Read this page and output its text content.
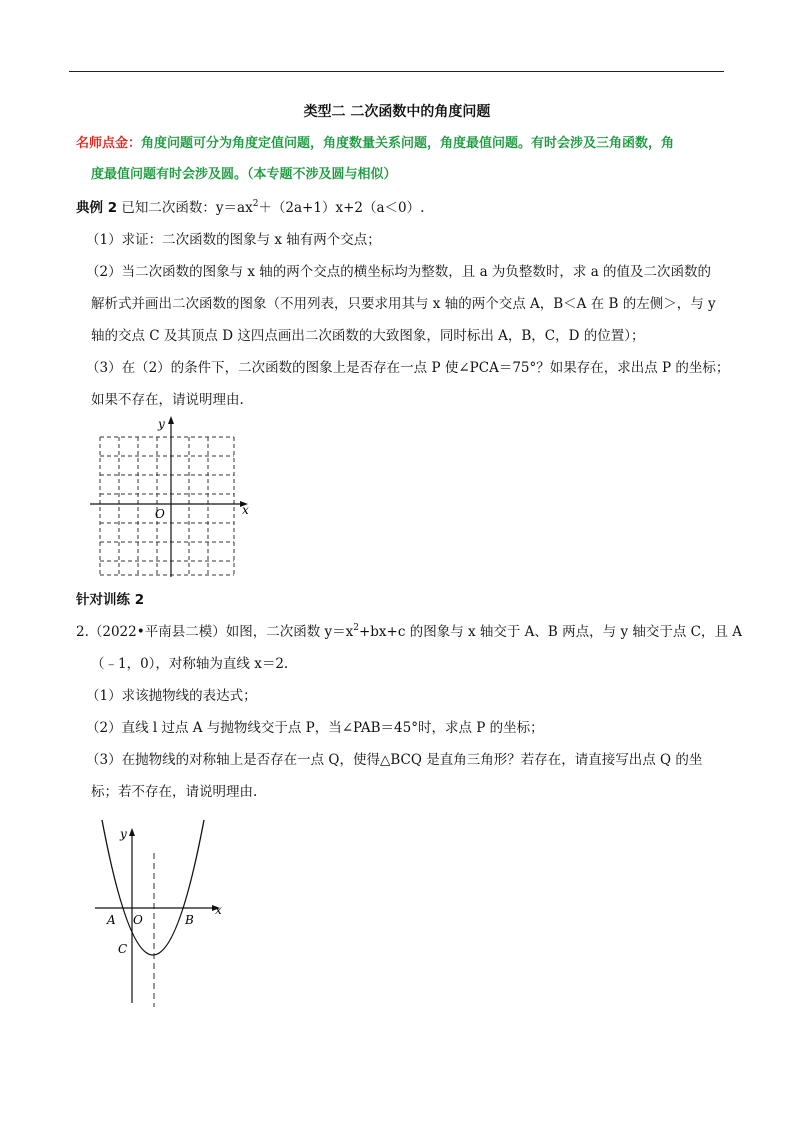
类型二 二次函数中的角度问题
名师点金：角度问题可分为角度定值问题，角度数量关系问题，角度最值问题。有时会涉及三角函数，角
度最值问题有时会涉及圆。（本专题不涉及圆与相似）
典例 2 已知二次函数：$y=ax^2+(2a+1)x+2(a<0)$.
（1）求证：二次函数的图象与 x 轴有两个交点；
（2）当二次函数的图象与 x 轴的两个交点的横坐标均为整数，且 a 为负整数时，求 a 的值及二次函数的
解析式并画出二次函数的图象（不用列表，只要求用其与 x 轴的两个交点 A，B＜A 在 B 的左侧＞，与 y
轴的交点 C 及其顶点 D 这四点画出二次函数的大致图象，同时标出 A，B，C，D 的位置）；
（3）在（2）的条件下，二次函数的图象上是否存在一点 P 使∠PCA＝75°？如果存在，求出点 P 的坐标；
如果不存在，请说明理由.
y
x
O
针对训练 2
2.（2022•平南县二模）如图，二次函数 $y=x^2+bx+c$ 的图象与 x 轴交于 A、B 两点，与 y 轴交于点 C，且 A
（﹣1，0），对称轴为直线 x＝2.
（1）求该抛物线的表达式；
（2）直线 l 过点 A 与抛物线交于点 P，当∠PAB＝45°时，求点 P 的坐标；
（3）在抛物线的对称轴上是否存在一点 Q，使得△BCQ 是直角三角形？若存在，请直接写出点 Q 的坐
标；若不存在，请说明理由.
y
x
O
A	B
C
